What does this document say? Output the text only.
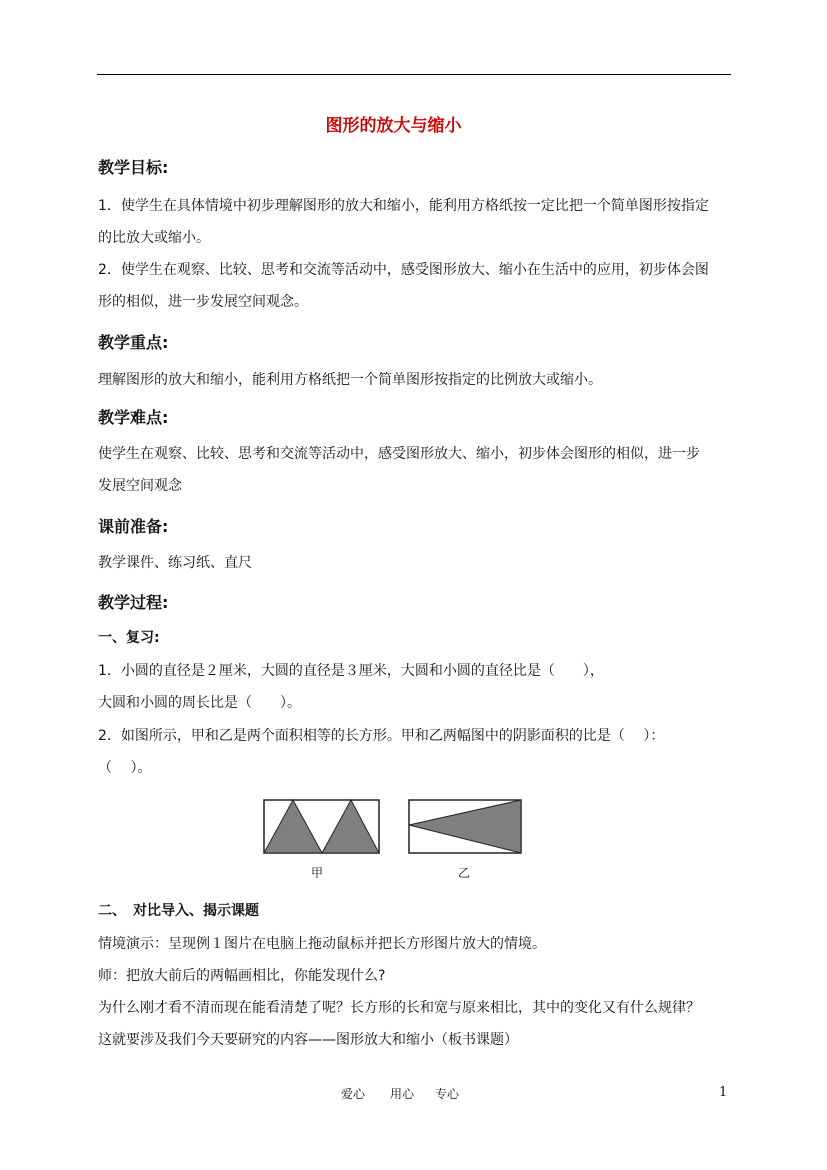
图形的放大与缩小
教学目标:
1．使学生在具体情境中初步理解图形的放大和缩小，能利用方格纸按一定比把一个简单图形按指定
的比放大或缩小。
2．使学生在观察、比较、思考和交流等活动中，感受图形放大、缩小在生活中的应用，初步体会图
形的相似，进一步发展空间观念。
教学重点:
理解图形的放大和缩小，能利用方格纸把一个简单图形按指定的比例放大或缩小。
教学难点:
使学生在观察、比较、思考和交流等活动中，感受图形放大、缩小，初步体会图形的相似，进一步
发展空间观念
课前准备:
教学课件、练习纸、直尺
教学过程:
一、复习:
1．小圆的直径是２厘米，大圆的直径是３厘米，大圆和小圆的直径比是（　　），
大圆和小圆的周长比是（　　）。
2．如图所示，甲和乙是两个面积相等的长方形。甲和乙两幅图中的阴影面积的比是（　 ）：
（　 ）。
甲	乙
二、　对比导入、揭示课题
情境演示：呈现例１图片在电脑上拖动鼠标并把长方形图片放大的情境。
师：把放大前后的两幅画相比，你能发现什么?
为什么刚才看不清而现在能看清楚了呢？长方形的长和宽与原来相比，其中的变化又有什么规律？
这就要涉及我们今天要研究的内容——图形放大和缩小（板书课题）
爱心 用心 专心	1
